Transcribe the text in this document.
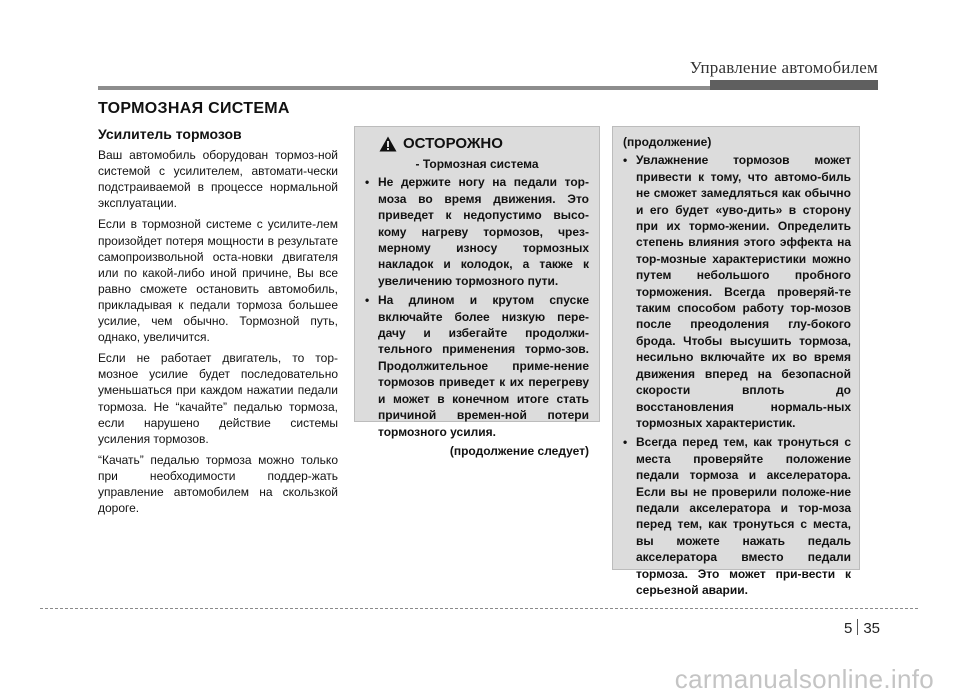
Управление автомобилем
ТОРМОЗНАЯ СИСТЕМА
Усилитель тормозов

Ваш автомобиль оборудован тормоз-ной системой с усилителем, автомати-чески подстраиваемой в процессе нормальной эксплуатации.

Если в тормозной системе с усилите-лем произойдет потеря мощности в результате самопроизвольной оста-новки двигателя или по какой-либо иной причине, Вы все равно сможете остановить автомобиль, прикладывая к педали тормоза большее усилие, чем обычно. Тормозной путь, однако, увеличится.

Если не работает двигатель, то тор-мозное усилие будет последовательно уменьшаться при каждом нажатии педали тормоза. Не “качайте” педалью тормоза, если нарушено действие системы усиления тормозов.

“Качать” педалью тормоза можно только при необходимости поддер-жать управление автомобилем на скользкой дороге.

ОСТОРОЖНО
- Тормозная система
• Не держите ногу на педали тор-моза во время движения. Это приведет к недопустимо высо-кому нагреву тормозов, чрез-мерному износу тормозных накладок и колодок, а также к увеличению тормозного пути.
• На длином и крутом спуске включайте более низкую пере-дачу и избегайте продолжи-тельного применения тормо-зов. Продолжительное приме-нение тормозов приведет к их перегреву и может в конечном итоге стать причиной времен-ной потери тормозного усилия.
(продолжение следует)
(продолжение)
• Увлажнение тормозов может привести к тому, что автомо-биль не сможет замедляться как обычно и его будет «уво-дить» в сторону при их тормо-жении. Определить степень влияния этого эффекта на тор-мозные характеристики можно путем небольшого пробного торможения. Всегда проверяй-те таким способом работу тор-мозов после преодоления глу-бокого брода. Чтобы высушить тормоза, несильно включайте их во время движения вперед на безопасной скорости вплоть до восстановления нормаль-ных тормозных характеристик.
• Всегда перед тем, как тронуться с места проверяйте положение педали тормоза и акселератора. Если вы не проверили положе-ние педали акселератора и тор-моза перед тем, как тронуться с места, вы можете нажать педаль акселератора вместо педали тормоза. Это может при-вести к серьезной аварии.
5 35
carmanualsonline.info
